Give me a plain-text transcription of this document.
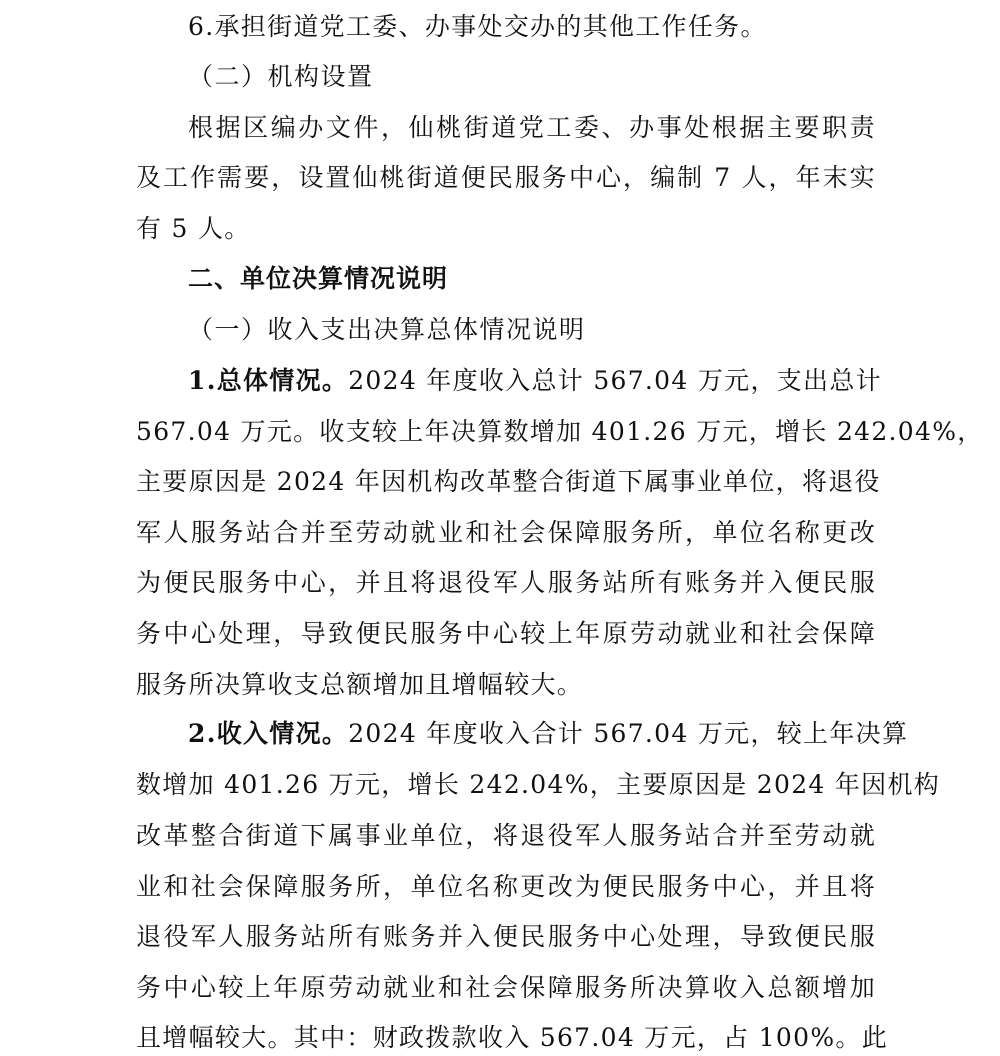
6.承担街道党工委、办事处交办的其他工作任务。
（二）机构设置
根据区编办文件，仙桃街道党工委、办事处根据主要职责
及工作需要，设置仙桃街道便民服务中心，编制 7 人，年末实
有 5 人。
二、单位决算情况说明
（一）收入支出决算总体情况说明
1.总体情况。2024 年度收入总计 567.04 万元，支出总计
567.04 万元。收支较上年决算数增加 401.26 万元，增长 242.04%，
主要原因是 2024 年因机构改革整合街道下属事业单位，将退役
军人服务站合并至劳动就业和社会保障服务所，单位名称更改
为便民服务中心，并且将退役军人服务站所有账务并入便民服
务中心处理，导致便民服务中心较上年原劳动就业和社会保障
服务所决算收支总额增加且增幅较大。
2.收入情况。2024 年度收入合计 567.04 万元，较上年决算
数增加 401.26 万元，增长 242.04%，主要原因是 2024 年因机构
改革整合街道下属事业单位，将退役军人服务站合并至劳动就
业和社会保障服务所，单位名称更改为便民服务中心，并且将
退役军人服务站所有账务并入便民服务中心处理，导致便民服
务中心较上年原劳动就业和社会保障服务所决算收入总额增加
且增幅较大。其中：财政拨款收入 567.04 万元，占 100%。此
